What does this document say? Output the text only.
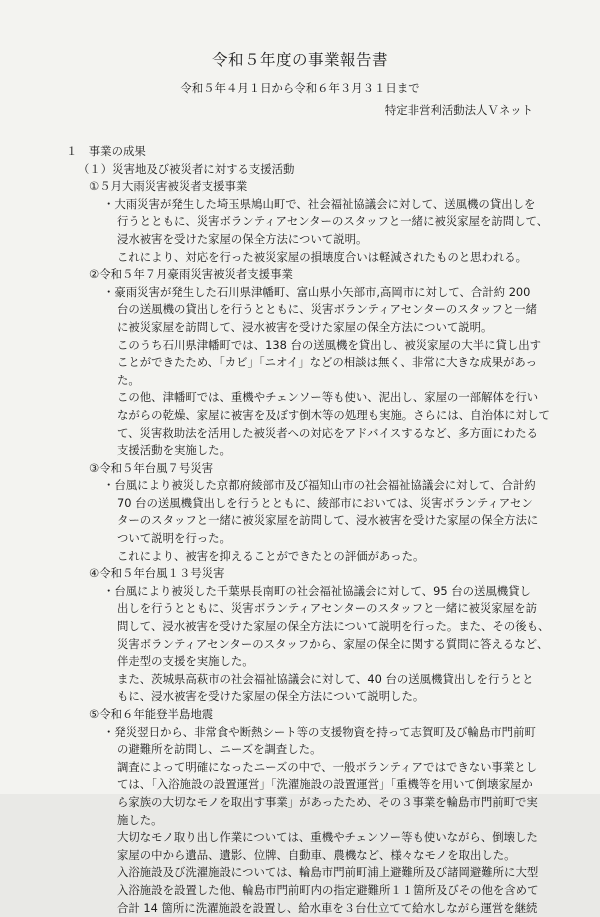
令和５年度の事業報告書
令和５年４月１日から令和６年３月３１日まで
特定非営利活動法人Ｖネット
１　事業の成果
（１）災害地及び被災者に対する支援活動
①５月大雨災害被災者支援事業
・大雨災害が発生した埼玉県鳩山町で、社会福祉協議会に対して、送風機の貸出しを
行うとともに、災害ボランティアセンターのスタッフと一緒に被災家屋を訪問して、
浸水被害を受けた家屋の保全方法について説明。
これにより、対応を行った被災家屋の損壊度合いは軽減されたものと思われる。
②令和５年７月豪雨災害被災者支援事業
・豪雨災害が発生した石川県津幡町、富山県小矢部市,高岡市に対して、合計約 200
台の送風機の貸出しを行うとともに、災害ボランティアセンターのスタッフと一緒
に被災家屋を訪問して、浸水被害を受けた家屋の保全方法について説明。
このうち石川県津幡町では、138 台の送風機を貸出し、被災家屋の大半に貸し出す
ことができたため、「カビ」「ニオイ」などの相談は無く、非常に大きな成果があっ
た。
この他、津幡町では、重機やチェンソー等も使い、泥出し、家屋の一部解体を行い
ながらの乾燥、家屋に被害を及ぼす倒木等の処理も実施。さらには、自治体に対して
て、災害救助法を活用した被災者への対応をアドバイスするなど、多方面にわたる
支援活動を実施した。
③令和５年台風７号災害
・台風により被災した京都府綾部市及び福知山市の社会福祉協議会に対して、合計約
70 台の送風機貸出しを行うとともに、綾部市においては、災害ボランティアセン
ターのスタッフと一緒に被災家屋を訪問して、浸水被害を受けた家屋の保全方法に
ついて説明を行った。
これにより、被害を抑えることができたとの評価があった。
④令和５年台風１３号災害
・台風により被災した千葉県長南町の社会福祉協議会に対して、95 台の送風機貸し
出しを行うとともに、災害ボランティアセンターのスタッフと一緒に被災家屋を訪
問して、浸水被害を受けた家屋の保全方法について説明を行った。また、その後も、
災害ボランティアセンターのスタッフから、家屋の保全に関する質問に答えるなど、
伴走型の支援を実施した。
また、茨城県高萩市の社会福祉協議会に対して、40 台の送風機貸出しを行うとと
もに、浸水被害を受けた家屋の保全方法について説明した。
⑤令和６年能登半島地震
・発災翌日から、非常食や断熱シート等の支援物資を持って志賀町及び輪島市門前町
の避難所を訪問し、ニーズを調査した。
調査によって明確になったニーズの中で、一般ボランティアではできない事業とし
ては、「入浴施設の設置運営」「洗濯施設の設置運営」「重機等を用いて倒壊家屋か
ら家族の大切なモノを取出す事業」があったため、その３事業を輪島市門前町で実
施した。
大切なモノ取り出し作業については、重機やチェンソー等も使いながら、倒壊した
家屋の中から遺品、遺影、位牌、自動車、農機など、様々なモノを取出した。
入浴施設及び洗濯施設については、輪島市門前町浦上避難所及び諸岡避難所に大型
入浴施設を設置した他、輪島市門前町内の指定避難所１１箇所及びその他を含めて
合計 14 箇所に洗濯施設を設置し、給水車を３台仕立てて給水しながら運営を継続
